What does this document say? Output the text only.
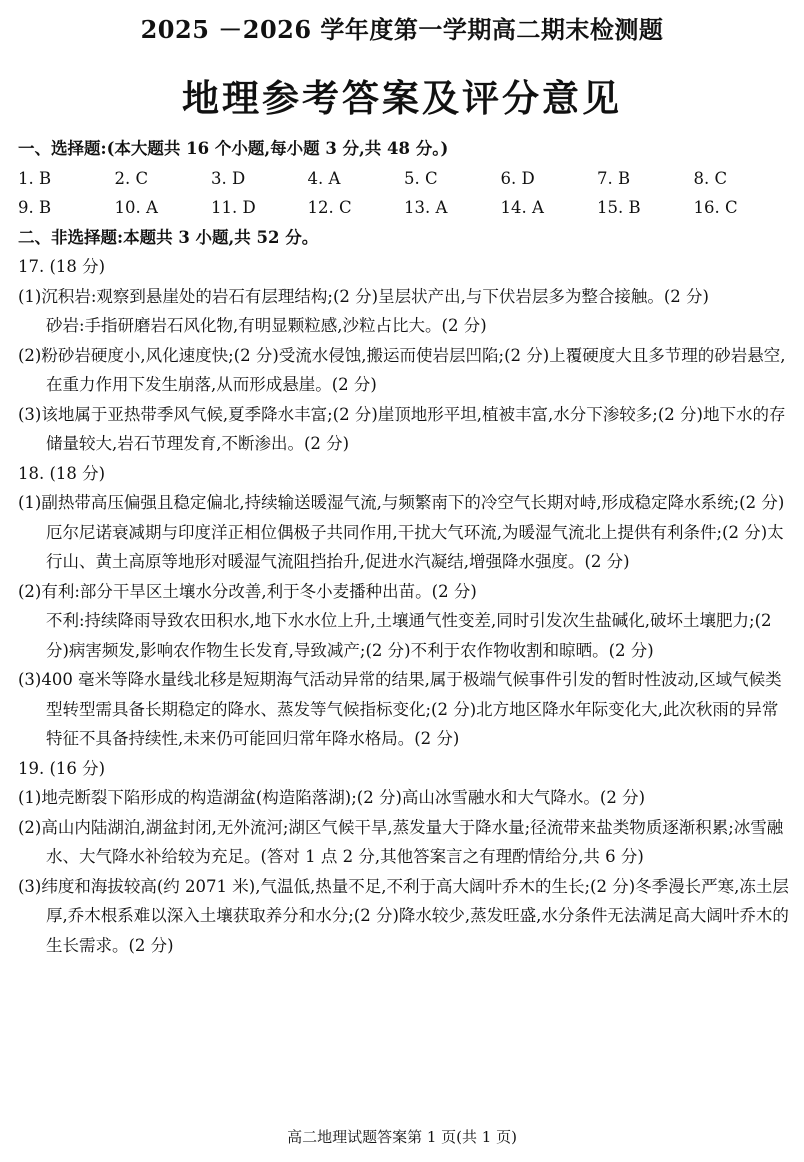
2025 －2026 学年度第一学期高二期末检测题
地理参考答案及评分意见
一、选择题:(本大题共 16 个小题,每小题 3 分,共 48 分。)
1. B	2. C	3. D	4. A	5. C	6. D	7. B	8. C
9. B	10. A	11. D	12. C	13. A	14. A	15. B	16. C
二、非选择题:本题共 3 小题,共 52 分。
17. (18 分)
(1)沉积岩:观察到悬崖处的岩石有层理结构;(2 分)呈层状产出,与下伏岩层多为整合接触。(2 分)
砂岩:手指研磨岩石风化物,有明显颗粒感,沙粒占比大。(2 分)
(2)粉砂岩硬度小,风化速度快;(2 分)受流水侵蚀,搬运而使岩层凹陷;(2 分)上覆硬度大且多节理的砂岩悬空,在重力作用下发生崩落,从而形成悬崖。(2 分)
(3)该地属于亚热带季风气候,夏季降水丰富;(2 分)崖顶地形平坦,植被丰富,水分下渗较多;(2 分)地下水的存储量较大,岩石节理发育,不断渗出。(2 分)
18. (18 分)
(1)副热带高压偏强且稳定偏北,持续输送暖湿气流,与频繁南下的冷空气长期对峙,形成稳定降水系统;(2 分)厄尔尼诺衰减期与印度洋正相位偶极子共同作用,干扰大气环流,为暖湿气流北上提供有利条件;(2 分)太行山、黄土高原等地形对暖湿气流阻挡抬升,促进水汽凝结,增强降水强度。(2 分)
(2)有利:部分干旱区土壤水分改善,利于冬小麦播种出苗。(2 分)
不利:持续降雨导致农田积水,地下水水位上升,土壤通气性变差,同时引发次生盐碱化,破坏土壤肥力;(2 分)病害频发,影响农作物生长发育,导致减产;(2 分)不利于农作物收割和晾晒。(2 分)
(3)400 毫米等降水量线北移是短期海气活动异常的结果,属于极端气候事件引发的暂时性波动,区域气候类型转型需具备长期稳定的降水、蒸发等气候指标变化;(2 分)北方地区降水年际变化大,此次秋雨的异常特征不具备持续性,未来仍可能回归常年降水格局。(2 分)
19. (16 分)
(1)地壳断裂下陷形成的构造湖盆(构造陷落湖);(2 分)高山冰雪融水和大气降水。(2 分)
(2)高山内陆湖泊,湖盆封闭,无外流河;湖区气候干旱,蒸发量大于降水量;径流带来盐类物质逐渐积累;冰雪融水、大气降水补给较为充足。(答对 1 点 2 分,其他答案言之有理酌情给分,共 6 分)
(3)纬度和海拔较高(约 2071 米),气温低,热量不足,不利于高大阔叶乔木的生长;(2 分)冬季漫长严寒,冻土层厚,乔木根系难以深入土壤获取养分和水分;(2 分)降水较少,蒸发旺盛,水分条件无法满足高大阔叶乔木的生长需求。(2 分)
高二地理试题答案第 1 页(共 1 页)
